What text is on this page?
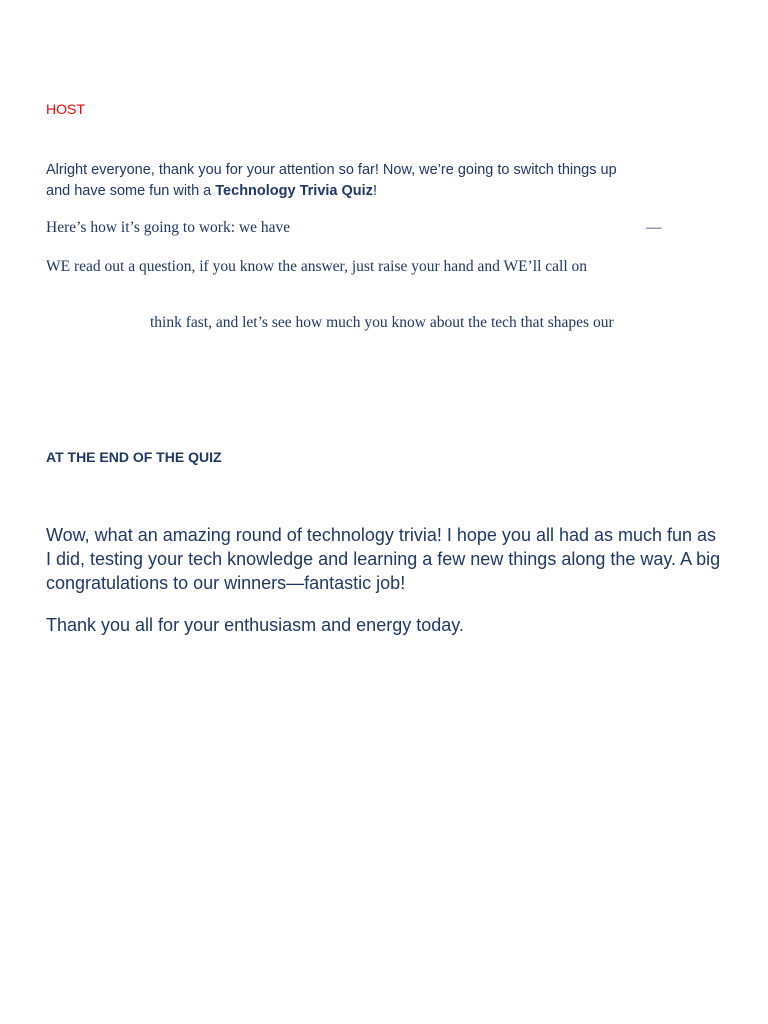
HOST

Alright everyone, thank you for your attention so far! Now, we’re going to switch things up
and have some fun with a Technology Trivia Quiz!

Here’s how it’s going to work: we have	—

WE read out a question, if you know the answer, just raise your hand and WE’ll call on

think fast, and let’s see how much you know about the tech that shapes our

AT THE END OF THE QUIZ

Wow, what an amazing round of technology trivia! I hope you all had as much fun as I did, testing your tech knowledge and learning a few new things along the way. A big congratulations to our winners—fantastic job!

Thank you all for your enthusiasm and energy today.
